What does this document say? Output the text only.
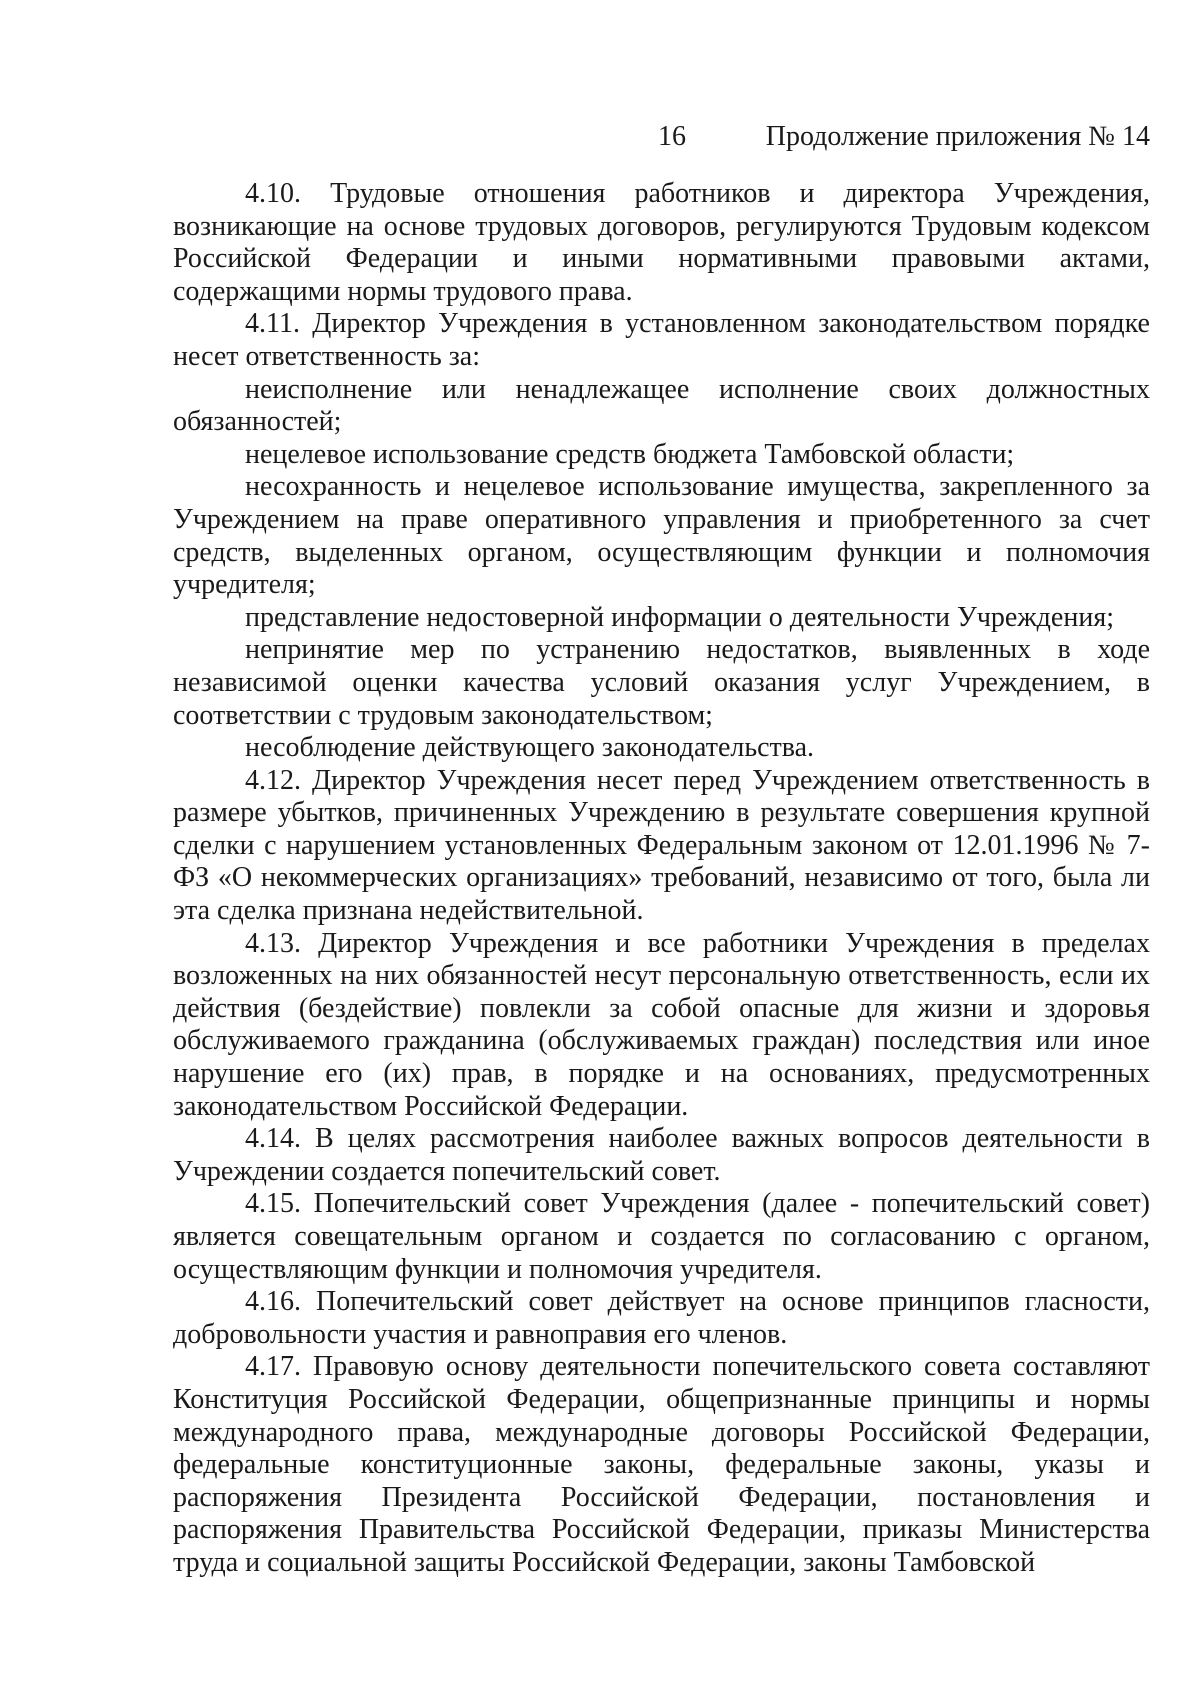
16	Продолжение приложения № 14

4.10. Трудовые отношения работников и директора Учреждения, возникающие на основе трудовых договоров, регулируются Трудовым кодексом Российской Федерации и иными нормативными правовыми актами, содержащими нормы трудового права.

4.11. Директор Учреждения в установленном законодательством порядке несет ответственность за:

неисполнение или ненадлежащее исполнение своих должностных обязанностей;

нецелевое использование средств бюджета Тамбовской области;

несохранность и нецелевое использование имущества, закрепленного за Учреждением на праве оперативного управления и приобретенного за счет средств, выделенных органом, осуществляющим функции и полномочия учредителя;

представление недостоверной информации о деятельности Учреждения;

непринятие мер по устранению недостатков, выявленных в ходе независимой оценки качества условий оказания услуг Учреждением, в соответствии с трудовым законодательством;

несоблюдение действующего законодательства.

4.12. Директор Учреждения несет перед Учреждением ответственность в размере убытков, причиненных Учреждению в результате совершения крупной сделки с нарушением установленных Федеральным законом от 12.01.1996 № 7-ФЗ «О некоммерческих организациях» требований, независимо от того, была ли эта сделка признана недействительной.

4.13. Директор Учреждения и все работники Учреждения в пределах возложенных на них обязанностей несут персональную ответственность, если их действия (бездействие) повлекли за собой опасные для жизни и здоровья обслуживаемого гражданина (обслуживаемых граждан) последствия или иное нарушение его (их) прав, в порядке и на основаниях, предусмотренных законодательством Российской Федерации.

4.14. В целях рассмотрения наиболее важных вопросов деятельности в Учреждении создается попечительский совет.

4.15. Попечительский совет Учреждения (далее - попечительский совет) является совещательным органом и создается по согласованию с органом, осуществляющим функции и полномочия учредителя.

4.16. Попечительский совет действует на основе принципов гласности, добровольности участия и равноправия его членов.

4.17. Правовую основу деятельности попечительского совета составляют Конституция Российской Федерации, общепризнанные принципы и нормы международного права, международные договоры Российской Федерации, федеральные конституционные законы, федеральные законы, указы и распоряжения Президента Российской Федерации, постановления и распоряжения Правительства Российской Федерации, приказы Министерства труда и социальной защиты Российской Федерации, законы Тамбовской
